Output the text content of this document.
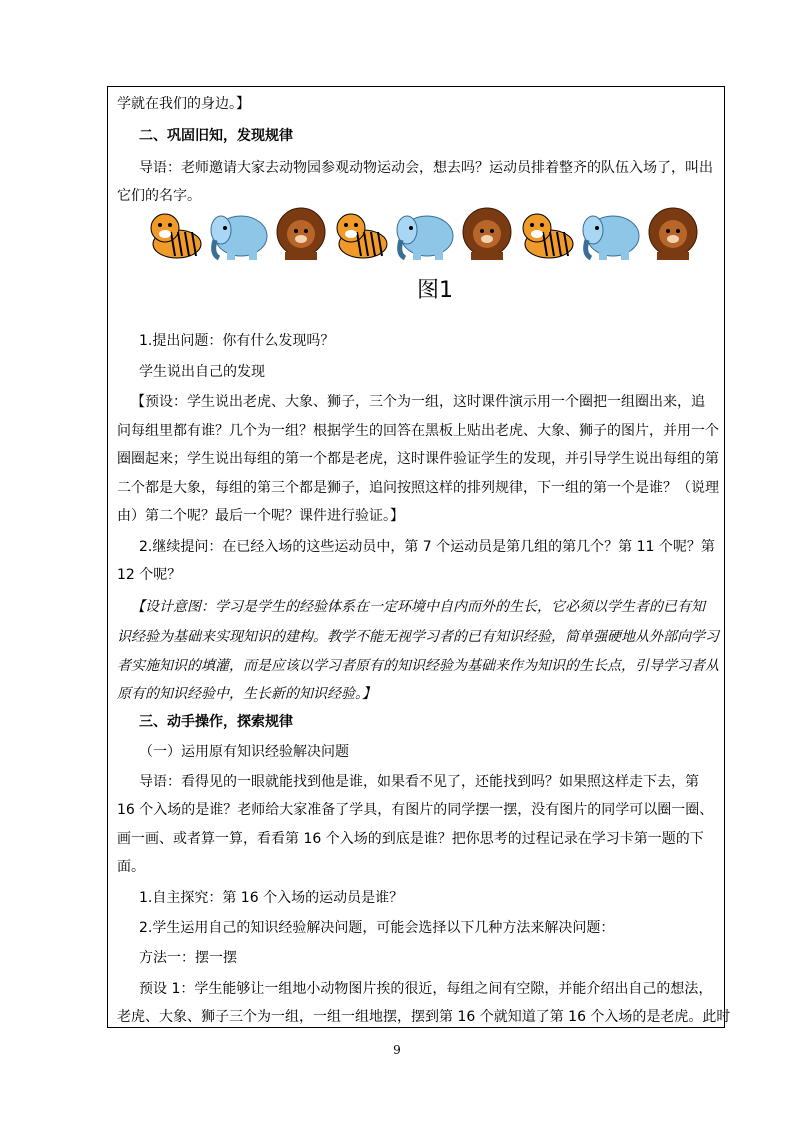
学就在我们的身边。】
二、巩固旧知，发现规律
导语：老师邀请大家去动物园参观动物运动会，想去吗？运动员排着整齐的队伍入场了，叫出
它们的名字。
图1
1.提出问题：你有什么发现吗？
学生说出自己的发现
【预设：学生说出老虎、大象、狮子，三个为一组，这时课件演示用一个圈把一组圈出来，追
问每组里都有谁？几个为一组？根据学生的回答在黑板上贴出老虎、大象、狮子的图片，并用一个
圈圈起来；学生说出每组的第一个都是老虎，这时课件验证学生的发现，并引导学生说出每组的第
二个都是大象，每组的第三个都是狮子，追问按照这样的排列规律，下一组的第一个是谁？（说理
由）第二个呢？最后一个呢？课件进行验证。】
2.继续提问：在已经入场的这些运动员中，第 7 个运动员是第几组的第几个？第 11 个呢？第
12 个呢？
【设计意图：学习是学生的经验体系在一定环境中自内而外的生长，它必须以学生者的已有知
识经验为基础来实现知识的建构。教学不能无视学习者的已有知识经验，简单强硬地从外部向学习
者实施知识的填灌，而是应该以学习者原有的知识经验为基础来作为知识的生长点，引导学习者从
原有的知识经验中，生长新的知识经验。】
三、动手操作，探索规律
（一）运用原有知识经验解决问题
导语：看得见的一眼就能找到他是谁，如果看不见了，还能找到吗？如果照这样走下去，第
16 个入场的是谁？老师给大家准备了学具，有图片的同学摆一摆，没有图片的同学可以圈一圈、
画一画、或者算一算，看看第 16 个入场的到底是谁？把你思考的过程记录在学习卡第一题的下
面。
1.自主探究：第 16 个入场的运动员是谁？
2.学生运用自己的知识经验解决问题，可能会选择以下几种方法来解决问题：
方法一：摆一摆
预设 1：学生能够让一组地小动物图片挨的很近，每组之间有空隙，并能介绍出自己的想法，
老虎、大象、狮子三个为一组，一组一组地摆，摆到第 16 个就知道了第 16 个入场的是老虎。此时
9
